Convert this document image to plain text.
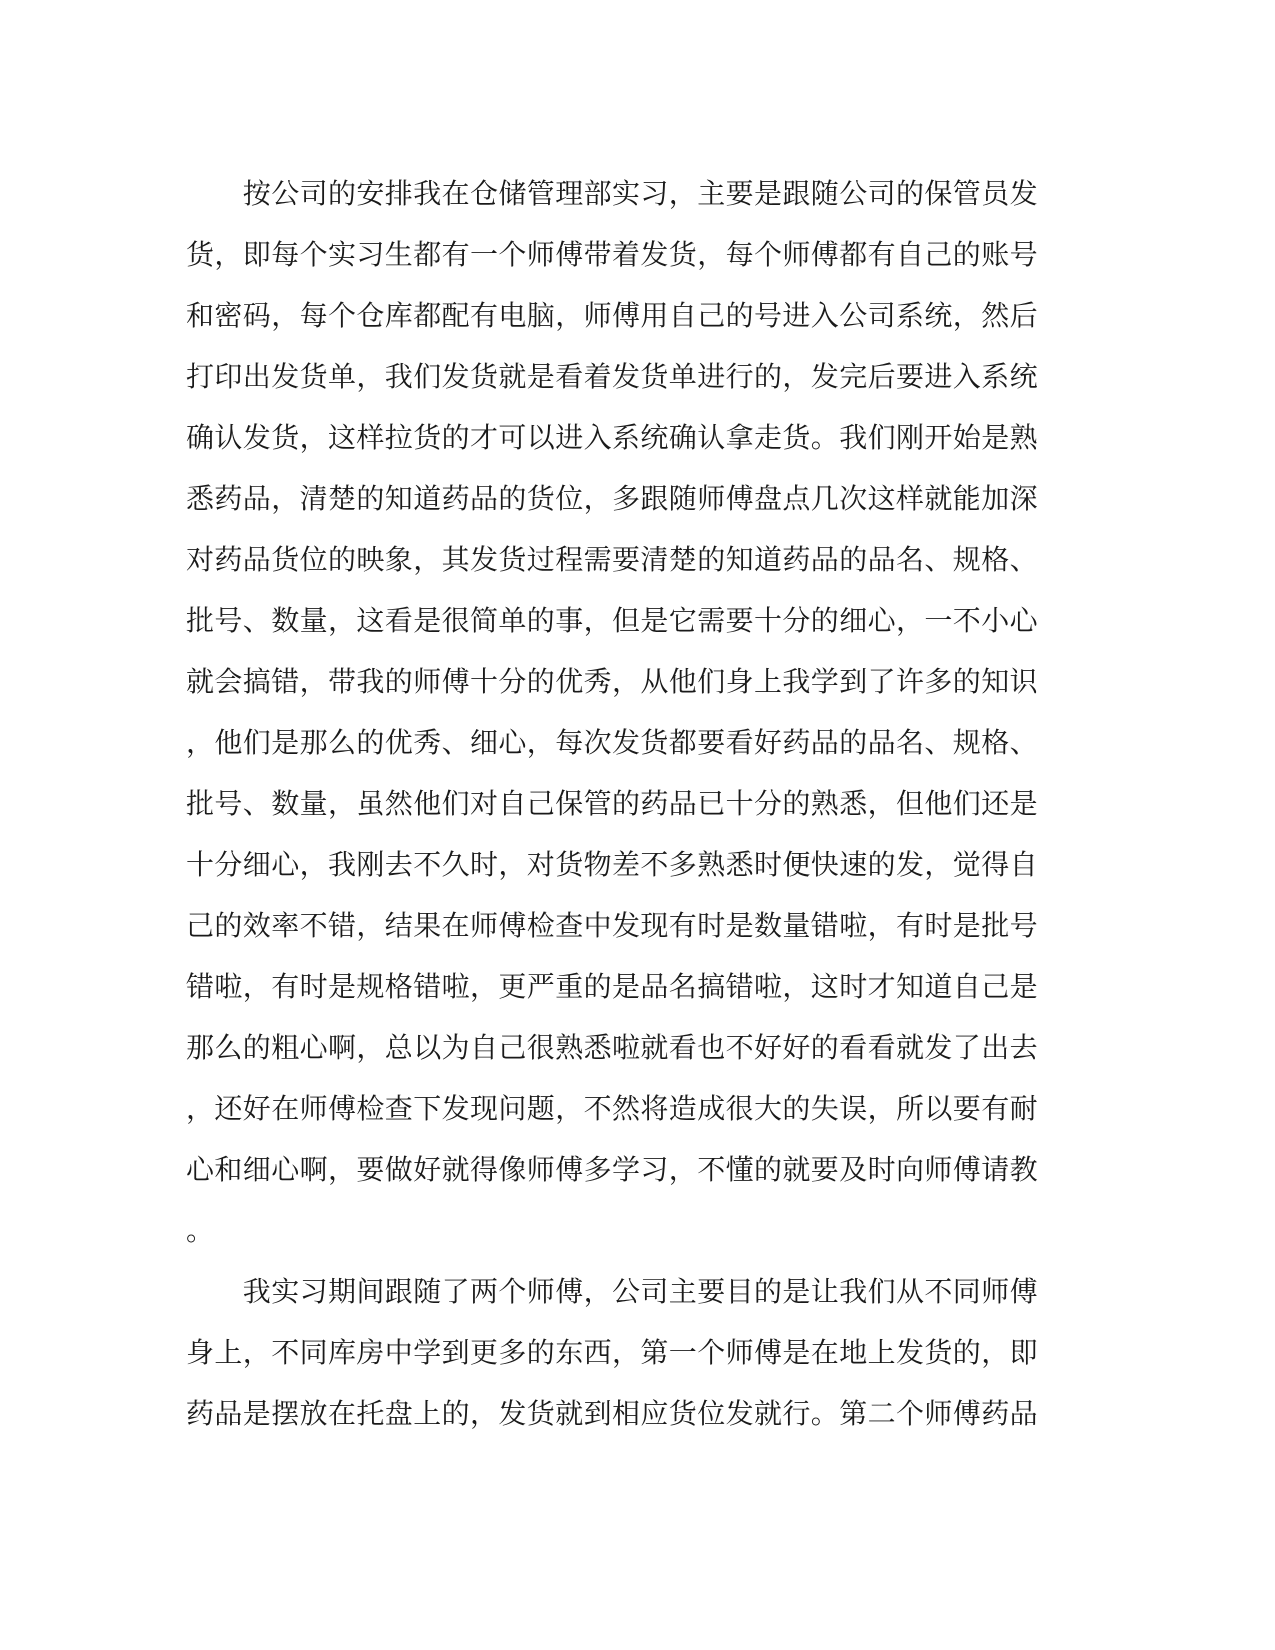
　　按公司的安排我在仓储管理部实习，主要是跟随公司的保管员发
货，即每个实习生都有一个师傅带着发货，每个师傅都有自己的账号
和密码，每个仓库都配有电脑，师傅用自己的号进入公司系统，然后
打印出发货单，我们发货就是看着发货单进行的，发完后要进入系统
确认发货，这样拉货的才可以进入系统确认拿走货。我们刚开始是熟
悉药品，清楚的知道药品的货位，多跟随师傅盘点几次这样就能加深
对药品货位的映象，其发货过程需要清楚的知道药品的品名、规格、
批号、数量，这看是很简单的事，但是它需要十分的细心，一不小心
就会搞错，带我的师傅十分的优秀，从他们身上我学到了许多的知识
，他们是那么的优秀、细心，每次发货都要看好药品的品名、规格、
批号、数量，虽然他们对自己保管的药品已十分的熟悉，但他们还是
十分细心，我刚去不久时，对货物差不多熟悉时便快速的发，觉得自
己的效率不错，结果在师傅检查中发现有时是数量错啦，有时是批号
错啦，有时是规格错啦，更严重的是品名搞错啦，这时才知道自己是
那么的粗心啊，总以为自己很熟悉啦就看也不好好的看看就发了出去
，还好在师傅检查下发现问题，不然将造成很大的失误，所以要有耐
心和细心啊，要做好就得像师傅多学习，不懂的就要及时向师傅请教
。
　　我实习期间跟随了两个师傅，公司主要目的是让我们从不同师傅
身上，不同库房中学到更多的东西，第一个师傅是在地上发货的，即
药品是摆放在托盘上的，发货就到相应货位发就行。第二个师傅药品
